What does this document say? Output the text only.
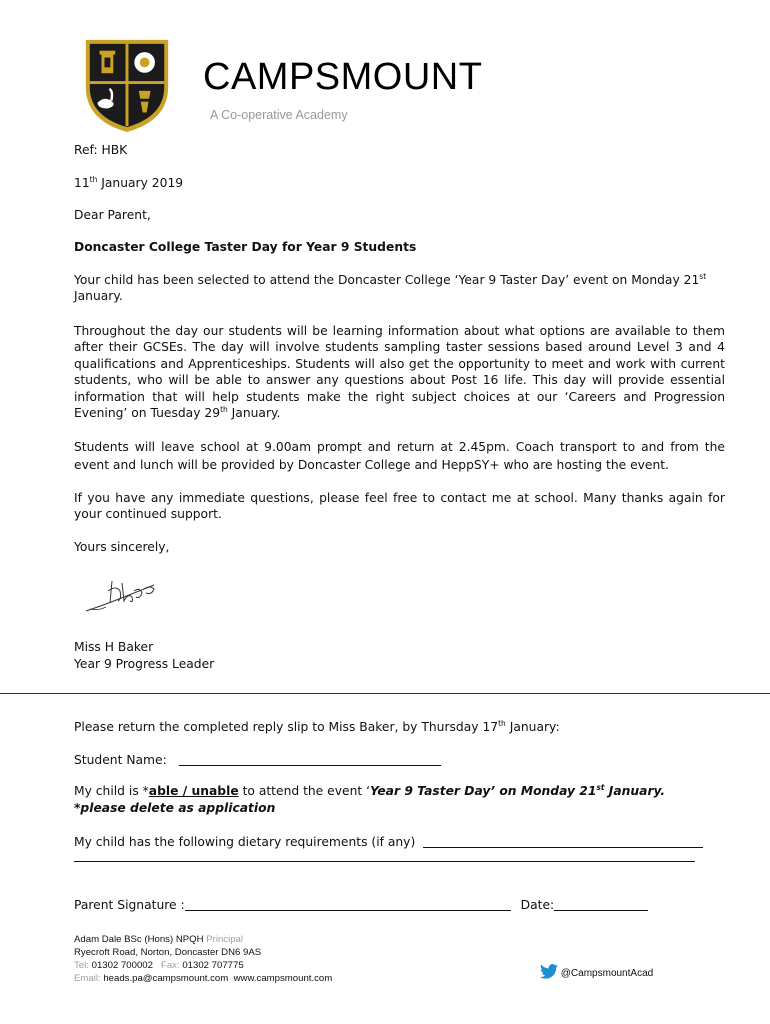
CAMPSMOUNT
A Co-operative Academy
Ref: HBK
11th January 2019
Dear Parent,
Doncaster College Taster Day for Year 9 Students
Your child has been selected to attend the Doncaster College ‘Year 9 Taster Day’ event on Monday 21st
January.
Throughout the day our students will be learning information about what options are available to them after their GCSEs. The day will involve students sampling taster sessions based around Level 3 and 4 qualifications and Apprenticeships. Students will also get the opportunity to meet and work with current students, who will be able to answer any questions about Post 16 life. This day will provide essential information that will help students make the right subject choices at our ‘Careers and Progression Evening’ on Tuesday 29th January.
Students will leave school at 9.00am prompt and return at 2.45pm. Coach transport to and from the event and lunch will be provided by Doncaster College and HeppSY+ who are hosting the event.
If you have any immediate questions, please feel free to contact me at school. Many thanks again for your continued support.
Yours sincerely,
Miss H Baker
Year 9 Progress Leader
Please return the completed reply slip to Miss Baker, by Thursday 17th January:
Student Name:
My child is *able / unable to attend the event ‘Year 9 Taster Day’ on Monday 21st January.
*please delete as application
My child has the following dietary requirements (if any)
Parent Signature :	Date:
Adam Dale BSc (Hons) NPQH Principal
Ryecroft Road, Norton, Doncaster DN6 9AS
Tel: 01302 700002 Fax: 01302 707775
Email: heads.pa@campsmount.com www.campsmount.com	@CampsmountAcad
